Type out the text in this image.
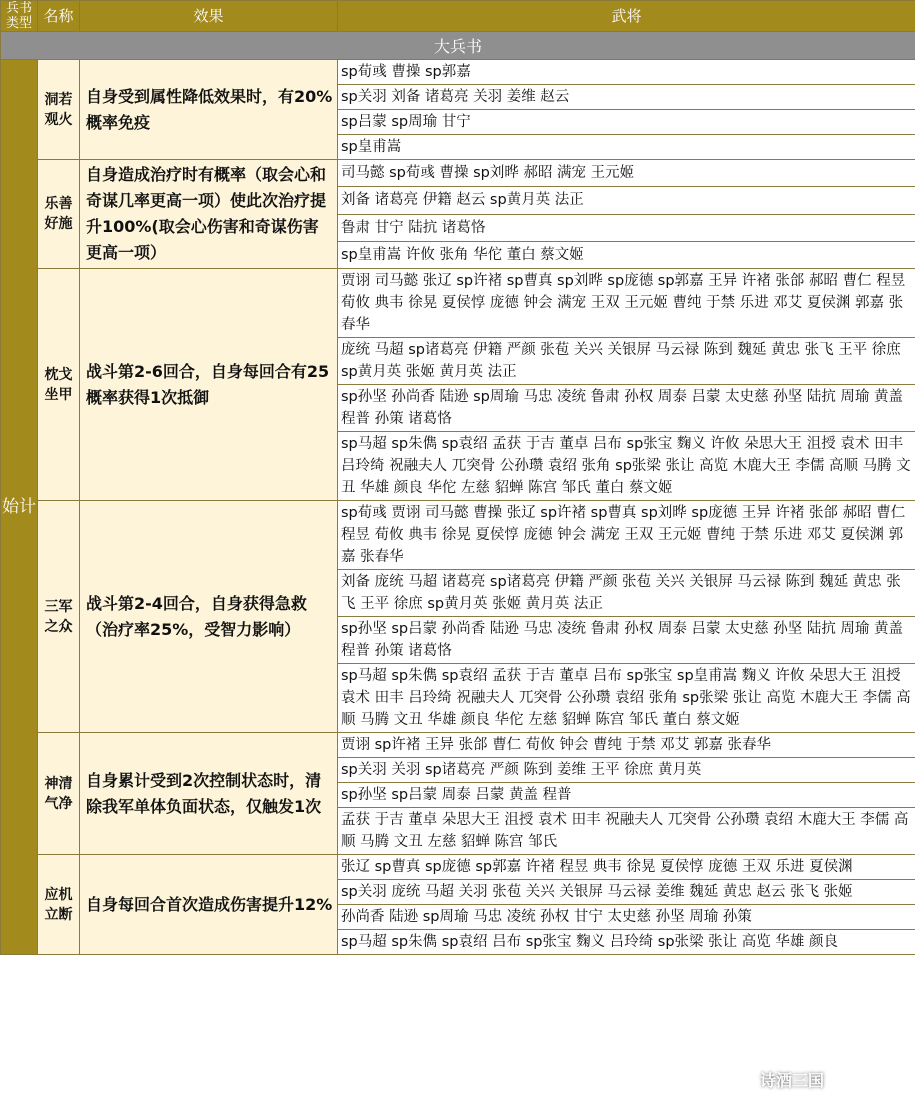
兵书类型	名称	效果	武将
大兵书			
始计	洞若观火	自身受到属性降低效果时，有20%概率免疫	sp荀彧 曹操 sp郭嘉
			sp关羽 刘备 诸葛亮 关羽 姜维 赵云
			sp吕蒙 sp周瑜 甘宁
			sp皇甫嵩
	乐善好施	自身造成治疗时有概率（取会心和奇谋几率更高一项）使此次治疗提升100%(取会心伤害和奇谋伤害更高一项）	司马懿 sp荀彧 曹操 sp刘晔 郝昭 满宠 王元姬
			刘备 诸葛亮 伊籍 赵云 sp黄月英 法正
			鲁肃 甘宁 陆抗 诸葛恪
			sp皇甫嵩 许攸 张角 华佗 董白 蔡文姬
	枕戈坐甲	战斗第2-6回合，自身每回合有25概率获得1次抵御	贾诩 司马懿 张辽 sp许褚 sp曹真 sp刘晔 sp庞德 sp郭嘉 王异 许褚 张郃 郝昭 曹仁 程昱 荀攸 典韦 徐晃 夏侯惇 庞德 钟会 满宠 王双 王元姬 曹纯 于禁 乐进 邓艾 夏侯渊 郭嘉 张春华
			庞统 马超 sp诸葛亮 伊籍 严颜 张苞 关兴 关银屏 马云禄 陈到 魏延 黄忠 张飞 王平 徐庶 sp黄月英 张姬 黄月英 法正
			sp孙坚 孙尚香 陆逊 sp周瑜 马忠 凌统 鲁肃 孙权 周泰 吕蒙 太史慈 孙坚 陆抗 周瑜 黄盖 程普 孙策 诸葛恪
			sp马超 sp朱儁 sp袁绍 孟获 于吉 董卓 吕布 sp张宝 麴义 许攸 朵思大王 沮授 袁术 田丰 吕玲绮 祝融夫人 兀突骨 公孙瓒 袁绍 张角 sp张梁 张让 高览 木鹿大王 李儒 高顺 马腾 文丑 华雄 颜良 华佗 左慈 貂蝉 陈宫 邹氏 董白 蔡文姬
	三军之众	战斗第2-4回合，自身获得急救（治疗率25%，受智力影响）	sp荀彧 贾诩 司马懿 曹操 张辽 sp许褚 sp曹真 sp刘晔 sp庞德 王异 许褚 张郃 郝昭 曹仁 程昱 荀攸 典韦 徐晃 夏侯惇 庞德 钟会 满宠 王双 王元姬 曹纯 于禁 乐进 邓艾 夏侯渊 郭嘉 张春华
			刘备 庞统 马超 诸葛亮 sp诸葛亮 伊籍 严颜 张苞 关兴 关银屏 马云禄 陈到 魏延 黄忠 张飞 王平 徐庶 sp黄月英 张姬 黄月英 法正
			sp孙坚 sp吕蒙 孙尚香 陆逊 马忠 凌统 鲁肃 孙权 周泰 吕蒙 太史慈 孙坚 陆抗 周瑜 黄盖 程普 孙策 诸葛恪
			sp马超 sp朱儁 sp袁绍 孟获 于吉 董卓 吕布 sp张宝 sp皇甫嵩 麴义 许攸 朵思大王 沮授 袁术 田丰 吕玲绮 祝融夫人 兀突骨 公孙瓒 袁绍 张角 sp张梁 张让 高览 木鹿大王 李儒 高顺 马腾 文丑 华雄 颜良 华佗 左慈 貂蝉 陈宫 邹氏 董白 蔡文姬
	神清气净	自身累计受到2次控制状态时，清除我军单体负面状态，仅触发1次	贾诩 sp许褚 王异 张郃 曹仁 荀攸 钟会 曹纯 于禁 邓艾 郭嘉 张春华
			sp关羽 关羽 sp诸葛亮 严颜 陈到 姜维 王平 徐庶 黄月英
			sp孙坚 sp吕蒙 周泰 吕蒙 黄盖 程普
			孟获 于吉 董卓 朵思大王 沮授 袁术 田丰 祝融夫人 兀突骨 公孙瓒 袁绍 木鹿大王 李儒 高顺 马腾 文丑 左慈 貂蝉 陈宫 邹氏
	应机立断	自身每回合首次造成伤害提升12%	张辽 sp曹真 sp庞德 sp郭嘉 许褚 程昱 典韦 徐晃 夏侯惇 庞德 王双 乐进 夏侯渊
			sp关羽 庞统 马超 关羽 张苞 关兴 关银屏 马云禄 姜维 魏延 黄忠 赵云 张飞 张姬
			孙尚香 陆逊 sp周瑜 马忠 凌统 孙权 甘宁 太史慈 孙坚 周瑜 孙策
			sp马超 sp朱儁 sp袁绍 吕布 sp张宝 麴义 吕玲绮 sp张梁 张让 高览 华雄 颜良
诗酒三国
